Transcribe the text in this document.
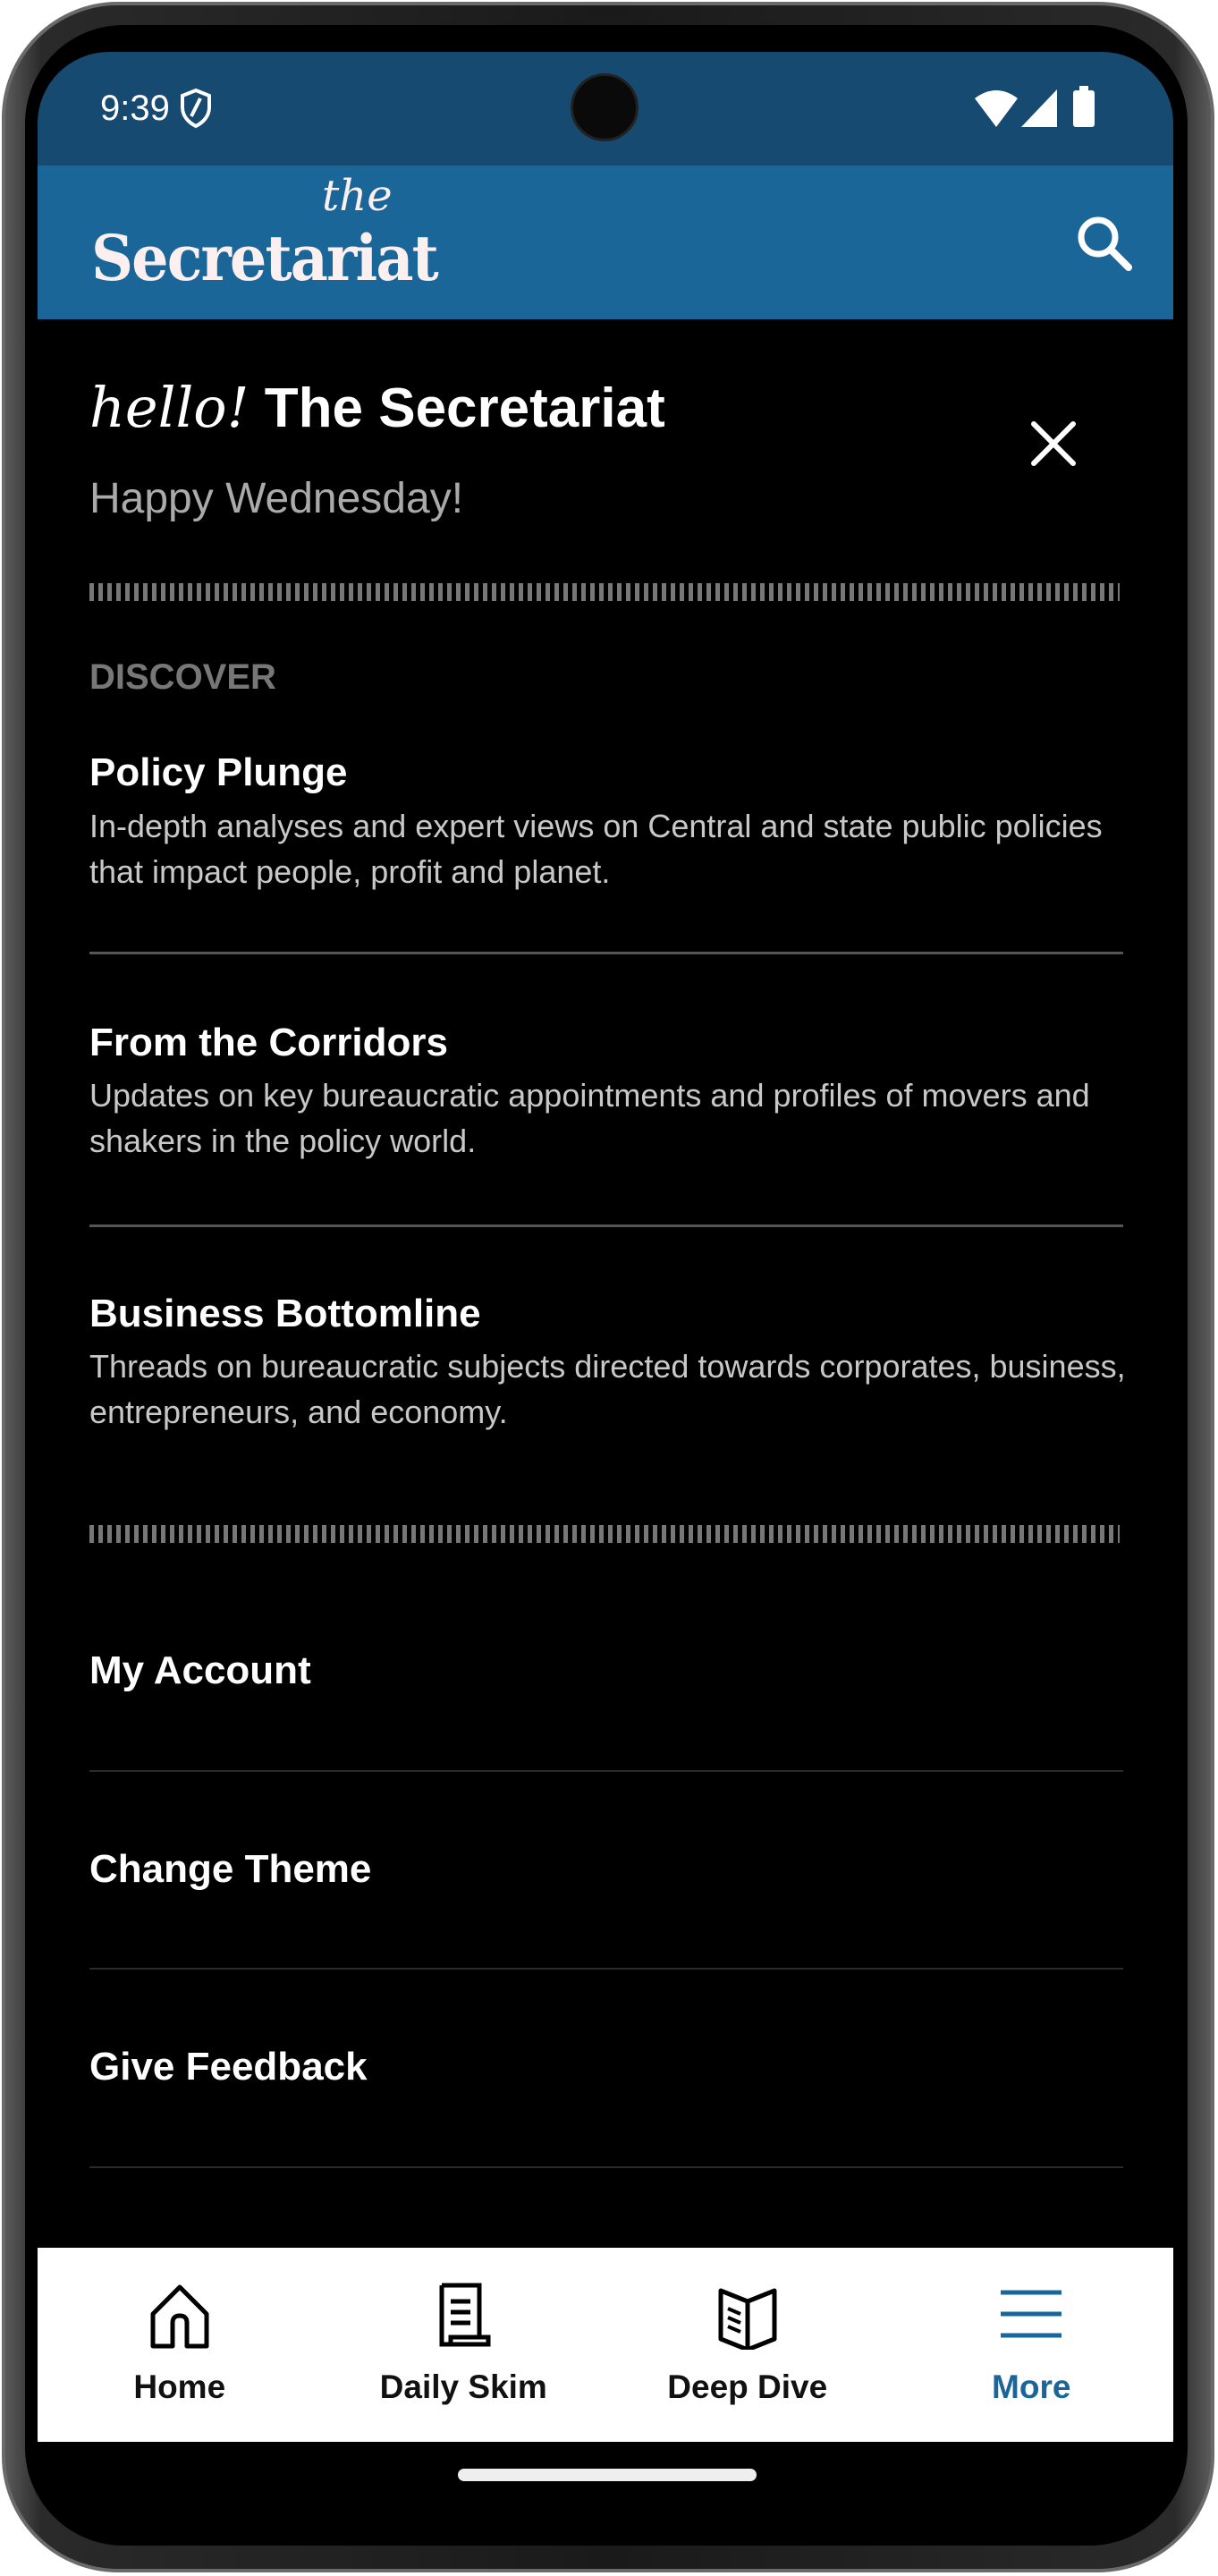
9:39
the
Secretariat
hello! The Secretariat
Happy Wednesday!
DISCOVER
Policy Plunge
In-depth analyses and expert views on Central and state public policies that impact people, profit and planet.
From the Corridors
Updates on key bureaucratic appointments and profiles of movers and shakers in the policy world.
Business Bottomline
Threads on bureaucratic subjects directed towards corporates, business, entrepreneurs, and economy.
My Account
Change Theme
Give Feedback
Home	Daily Skim	Deep Dive	More
